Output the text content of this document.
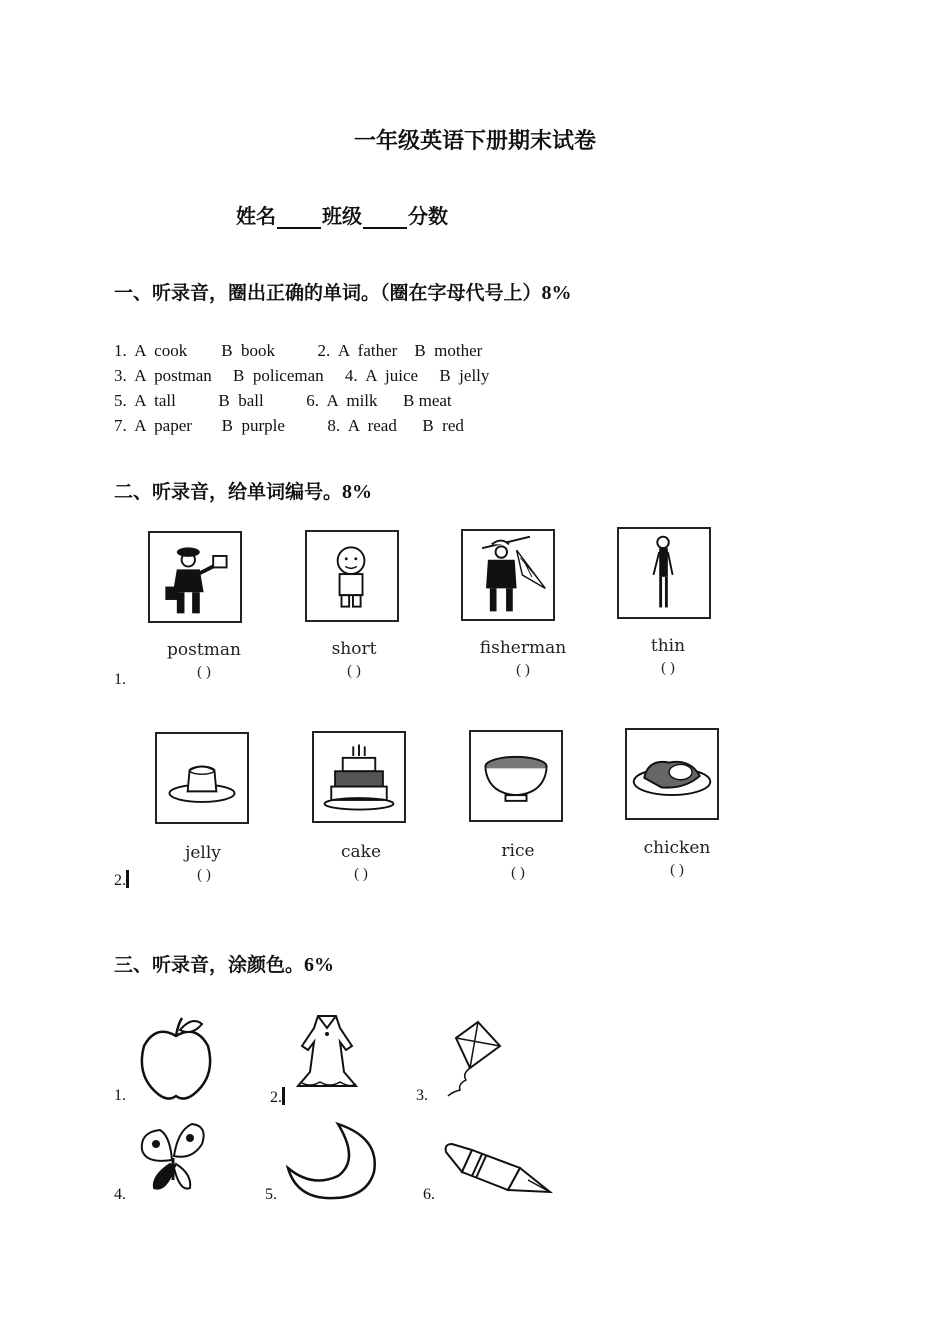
一年级英语下册期末试卷
姓名 班级 分数
一、听录音，圈出正确的单词。（圈在字母代号上）8%
1.  A  cook        B  book          2.  A  father    B  mother
3.  A  postman     B  policeman     4.  A  juice     B  jelly
5.  A  tall          B  ball          6.  A  milk      B meat
7.  A  paper       B  purple          8.  A  read      B  red
二、听录音，给单词编号。8%
postman	short	fisherman	thin
( )	( )	( )	( )
1.
jelly	cake	rice	chicken
( )	( )	( )	( )
2.
三、听录音，涂颜色。6%
1.	2.	3.
4.	5.	6.
